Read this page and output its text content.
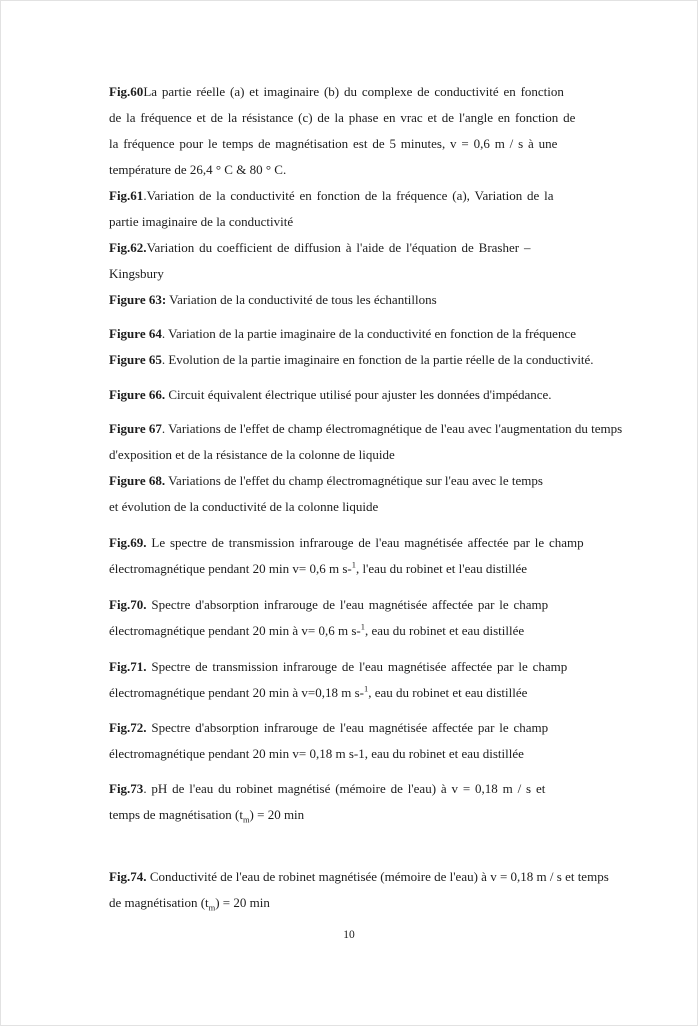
Fig.60La partie réelle (a) et imaginaire (b) du complexe de conductivité en fonction
de la fréquence et de la résistance (c) de la phase en vrac et de l'angle en fonction de
la fréquence pour le temps de magnétisation est de 5 minutes, v = 0,6 m / s à une
température de 26,4 ° C & 80 ° C.
Fig.61.Variation de la conductivité en fonction de la fréquence (a), Variation de la
partie imaginaire de la conductivité
Fig.62.Variation du coefficient de diffusion à l'aide de l'équation de Brasher –
Kingsbury
Figure 63: Variation de la conductivité de tous les échantillons
Figure 64. Variation de la partie imaginaire de la conductivité en fonction de la fréquence
Figure 65. Evolution de la partie imaginaire en fonction de la partie réelle de la conductivité.
Figure 66. Circuit équivalent électrique utilisé pour ajuster les données d'impédance.
Figure 67. Variations de l'effet de champ électromagnétique de l'eau avec l'augmentation du temps
d'exposition et de la résistance de la colonne de liquide
Figure 68. Variations de l'effet du champ électromagnétique sur l'eau avec le temps
et évolution de la conductivité de la colonne liquide
Fig.69. Le spectre de transmission infrarouge de l'eau magnétisée affectée par le champ
électromagnétique pendant 20 min v= 0,6 m s-$^1$, l'eau du robinet et l'eau distillée
Fig.70. Spectre d'absorption infrarouge de l'eau magnétisée affectée par le champ
électromagnétique pendant 20 min à v= 0,6 m s-$^1$, eau du robinet et eau distillée
Fig.71. Spectre de transmission infrarouge de l'eau magnétisée affectée par le champ
électromagnétique pendant 20 min à v=0,18 m s-$^1$, eau du robinet et eau distillée
Fig.72. Spectre d'absorption infrarouge de l'eau magnétisée affectée par le champ
électromagnétique pendant 20 min v= 0,18 m s-1, eau du robinet et eau distillée
Fig.73. pH de l'eau du robinet magnétisé (mémoire de l'eau) à v = 0,18 m / s et
temps de magnétisation $(t_m) = 20$ min
Fig.74. Conductivité de l'eau de robinet magnétisée (mémoire de l'eau) à v = 0,18 m / s et temps
de magnétisation $(t_m) = 20$ min
10
